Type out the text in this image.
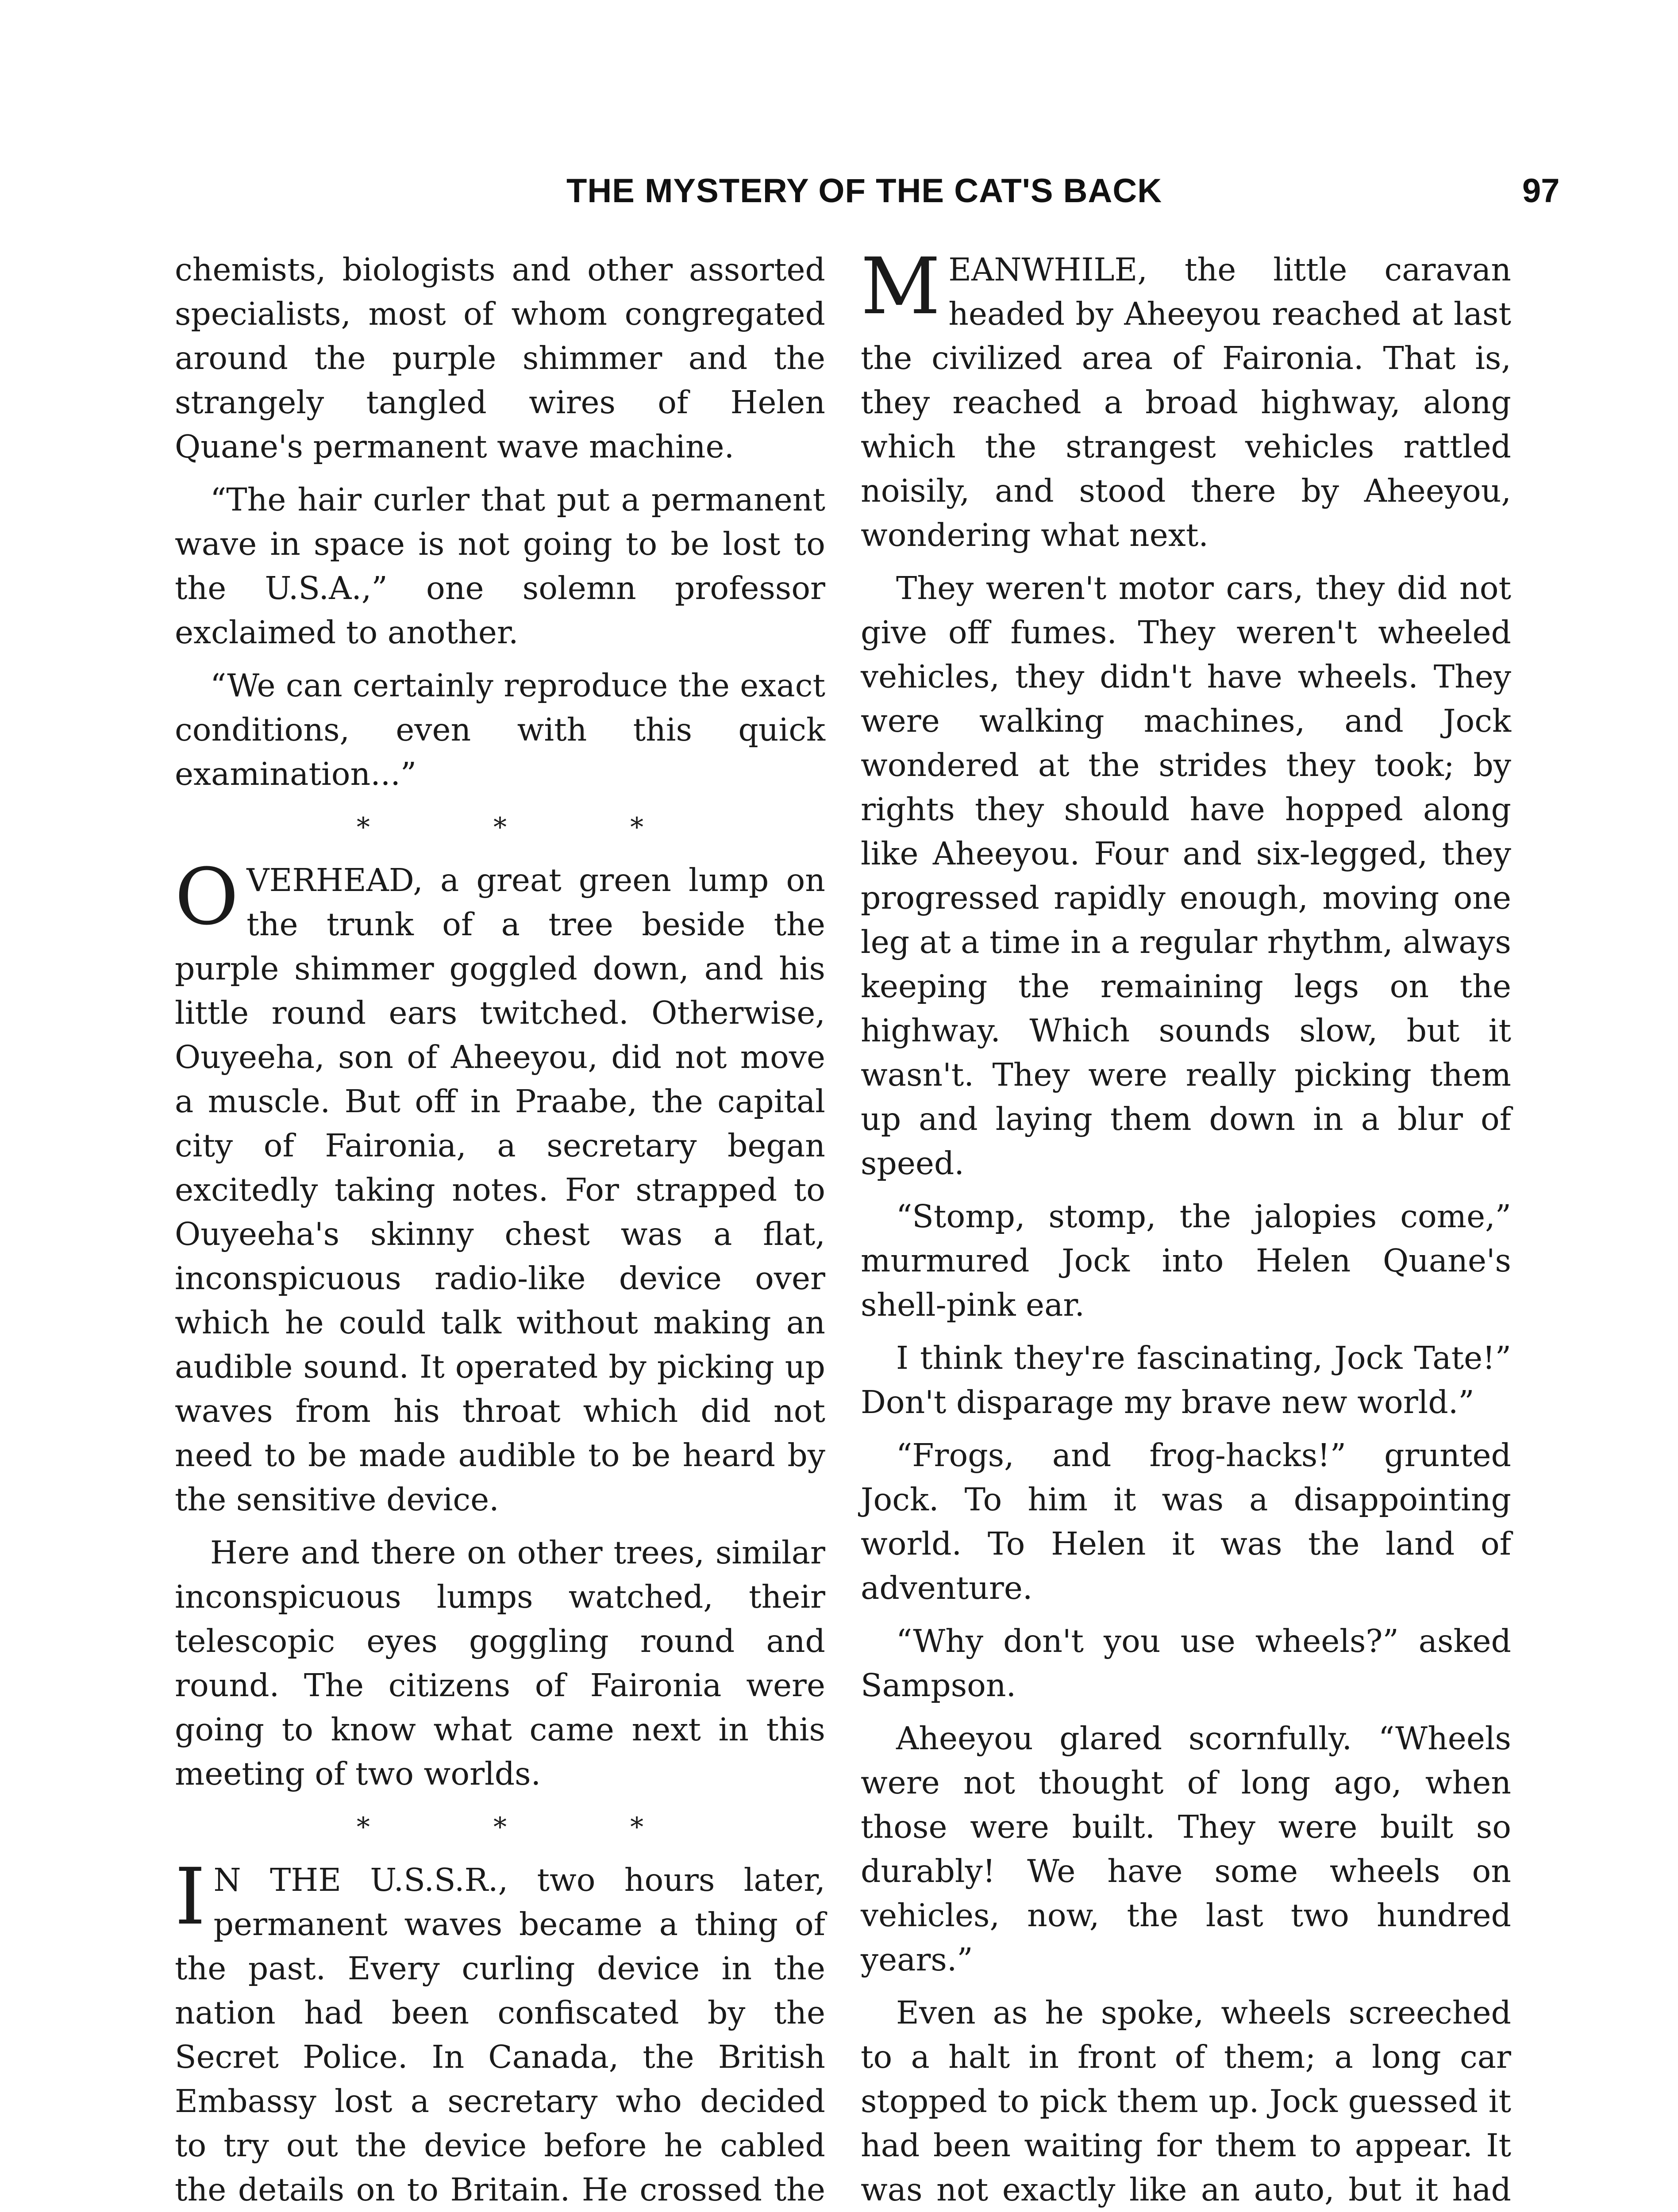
THE MYSTERY OF THE CAT'S BACK	97

chemists, biologists and other assorted specialists, most of whom congregated around the purple shimmer and the strangely tangled wires of Helen Quane's permanent wave machine.

“The hair curler that put a permanent wave in space is not going to be lost to the U.S.A.,” one solemn professor exclaimed to another.

“We can certainly reproduce the exact conditions, even with this quick examination...”

* * *

O VERHEAD, a great green lump on the trunk of a tree beside the purple shimmer goggled down, and his little round ears twitched. Otherwise, Ouyeeha, son of Aheeyou, did not move a muscle. But off in Praabe, the capital city of Faironia, a secretary began excitedly taking notes. For strapped to Ouyeeha's skinny chest was a flat, inconspicuous radio-like device over which he could talk without making an audible sound. It operated by picking up waves from his throat which did not need to be made audible to be heard by the sensitive device.

Here and there on other trees, similar inconspicuous lumps watched, their telescopic eyes goggling round and round. The citizens of Faironia were going to know what came next in this meeting of two worlds.

* * *

I N THE U.S.S.R., two hours later, permanent waves became a thing of the past. Every curling device in the nation had been confiscated by the Secret Police. In Canada, the British Embassy lost a secretary who decided to try out the device before he cabled the details on to Britain. He crossed the

M EANWHILE, the little caravan headed by Aheeyou reached at last the civilized area of Faironia. That is, they reached a broad highway, along which the strangest vehicles rattled noisily, and stood there by Aheeyou, wondering what next.

They weren't motor cars, they did not give off fumes. They weren't wheeled vehicles, they didn't have wheels. They were walking machines, and Jock wondered at the strides they took; by rights they should have hopped along like Aheeyou. Four and six-legged, they progressed rapidly enough, moving one leg at a time in a regular rhythm, always keeping the remaining legs on the highway. Which sounds slow, but it wasn't. They were really picking them up and laying them down in a blur of speed.

“Stomp, stomp, the jalopies come,” murmured Jock into Helen Quane's shell-pink ear.

I think they're fascinating, Jock Tate!” Don't disparage my brave new world.”

“Frogs, and frog-hacks!” grunted Jock. To him it was a disappointing world. To Helen it was the land of adventure.

“Why don't you use wheels?” asked Sampson.

Aheeyou glared scornfully. “Wheels were not thought of long ago, when those were built. They were built so durably! We have some wheels on vehicles, now, the last two hundred years.”

Even as he spoke, wheels screeched to a halt in front of them; a long car stopped to pick them up. Jock guessed it had been waiting for them to appear. It was not exactly like an auto, but it had
